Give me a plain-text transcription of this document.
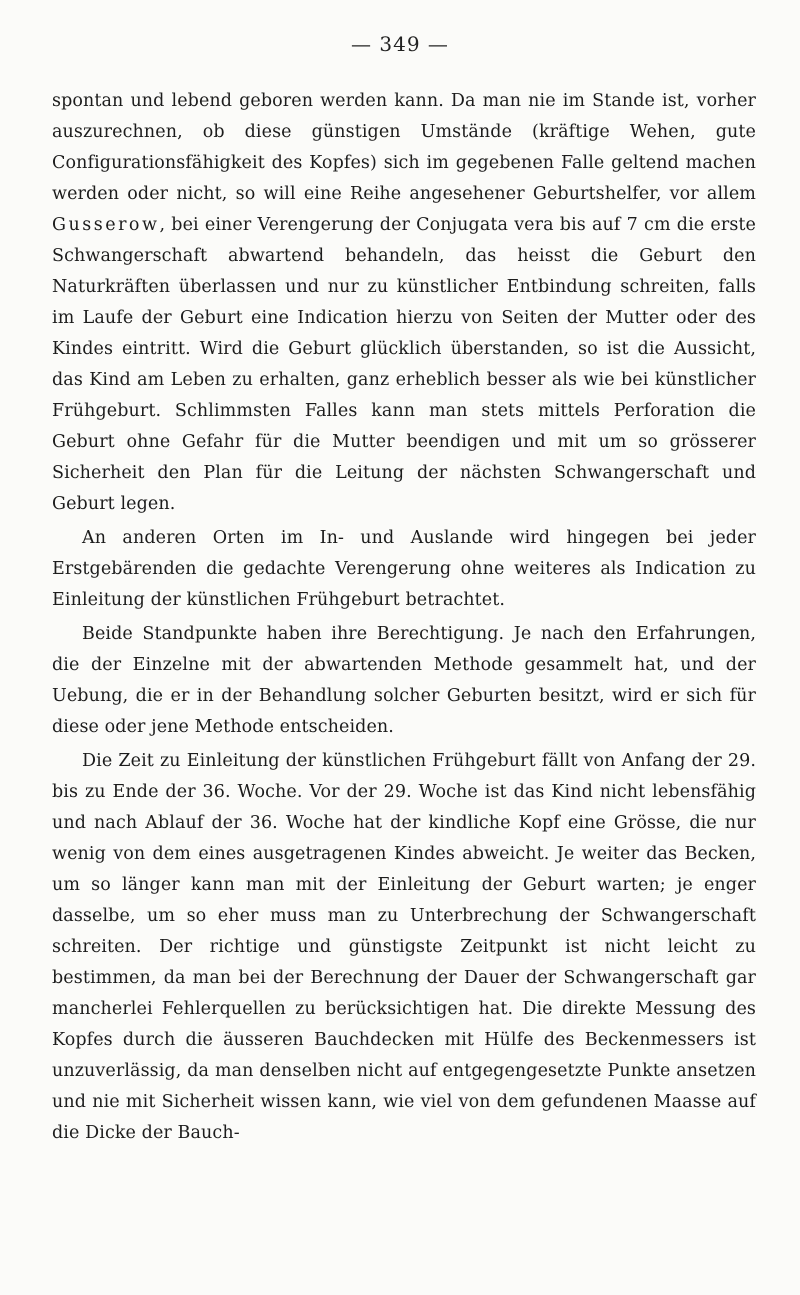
— 349 —

spontan und lebend geboren werden kann. Da man nie im Stande ist, vorher auszurechnen, ob diese günstigen Umstände (kräftige Wehen, gute Configurationsfähigkeit des Kopfes) sich im gegebenen Falle geltend machen werden oder nicht, so will eine Reihe angesehener Geburtshelfer, vor allem Gusserow, bei einer Verengerung der Conjugata vera bis auf 7 cm die erste Schwangerschaft abwartend behandeln, das heisst die Geburt den Naturkräften überlassen und nur zu künstlicher Entbindung schreiten, falls im Laufe der Geburt eine Indication hierzu von Seiten der Mutter oder des Kindes eintritt. Wird die Geburt glücklich überstanden, so ist die Aussicht, das Kind am Leben zu erhalten, ganz erheblich besser als wie bei künstlicher Frühgeburt. Schlimmsten Falles kann man stets mittels Perforation die Geburt ohne Gefahr für die Mutter beendigen und mit um so grösserer Sicherheit den Plan für die Leitung der nächsten Schwangerschaft und Geburt legen.

An anderen Orten im In- und Auslande wird hingegen bei jeder Erstgebärenden die gedachte Verengerung ohne weiteres als Indication zu Einleitung der künstlichen Frühgeburt betrachtet.

Beide Standpunkte haben ihre Berechtigung. Je nach den Erfahrungen, die der Einzelne mit der abwartenden Methode gesammelt hat, und der Uebung, die er in der Behandlung solcher Geburten besitzt, wird er sich für diese oder jene Methode entscheiden.

Die Zeit zu Einleitung der künstlichen Frühgeburt fällt von Anfang der 29. bis zu Ende der 36. Woche. Vor der 29. Woche ist das Kind nicht lebensfähig und nach Ablauf der 36. Woche hat der kindliche Kopf eine Grösse, die nur wenig von dem eines ausgetragenen Kindes abweicht. Je weiter das Becken, um so länger kann man mit der Einleitung der Geburt warten; je enger dasselbe, um so eher muss man zu Unterbrechung der Schwangerschaft schreiten. Der richtige und günstigste Zeitpunkt ist nicht leicht zu bestimmen, da man bei der Berechnung der Dauer der Schwangerschaft gar mancherlei Fehlerquellen zu berücksichtigen hat. Die direkte Messung des Kopfes durch die äusseren Bauchdecken mit Hülfe des Beckenmessers ist unzuverlässig, da man denselben nicht auf entgegengesetzte Punkte ansetzen und nie mit Sicherheit wissen kann, wie viel von dem gefundenen Maasse auf die Dicke der Bauch-
